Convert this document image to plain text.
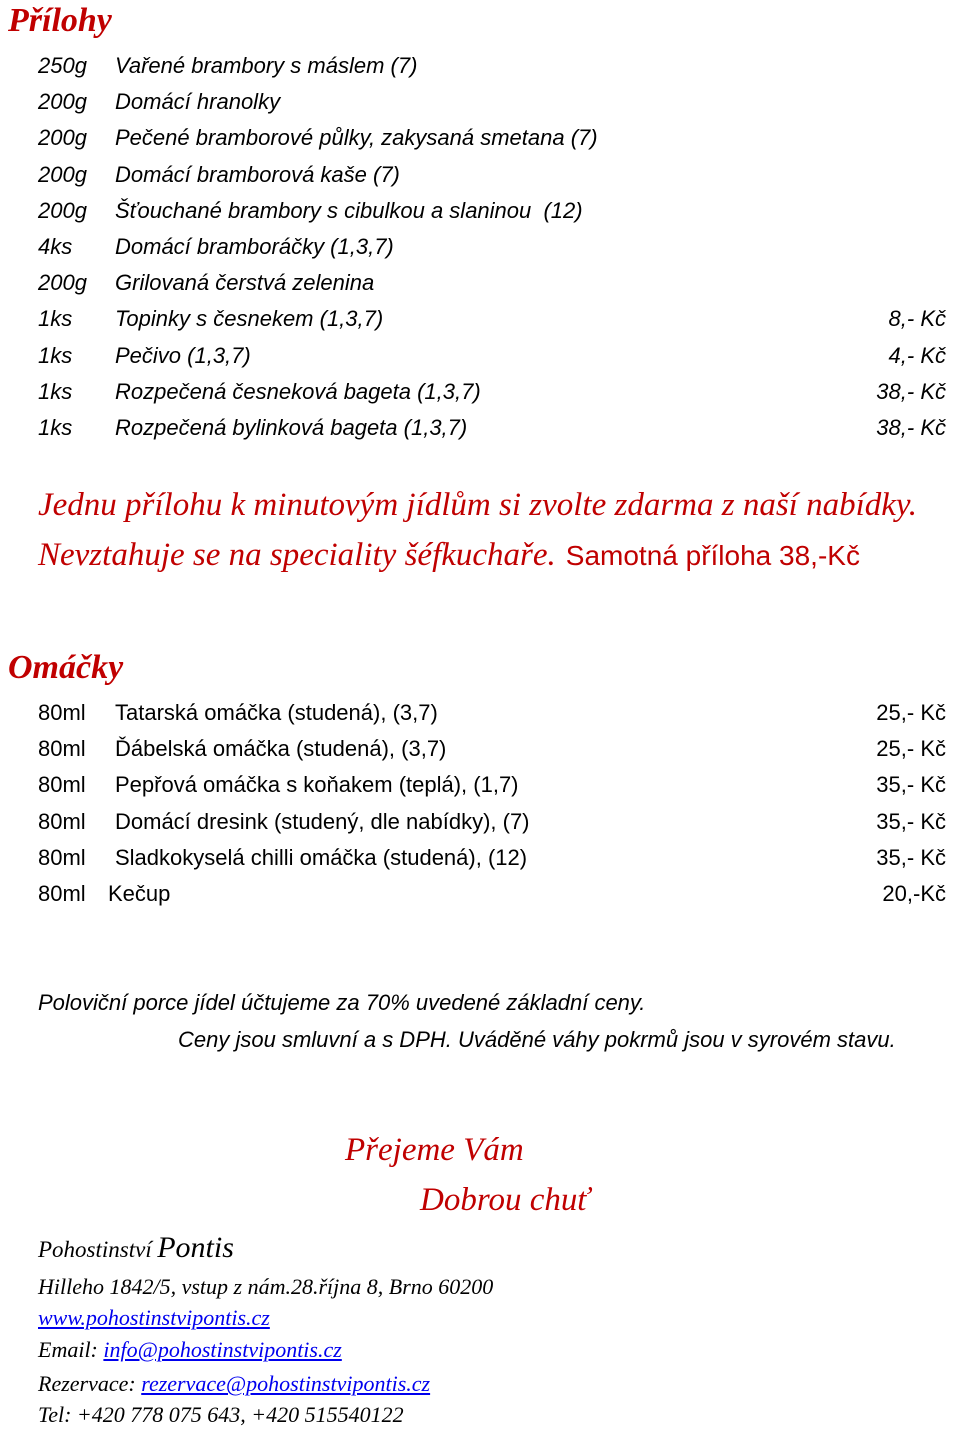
Přílohy
250g Vařené brambory s máslem (7)
200g Domácí hranolky
200g Pečené bramborové půlky, zakysaná smetana (7)
200g Domácí bramborová kaše (7)
200g Šťouchané brambory s cibulkou a slaninou  (12)
4ks Domácí bramboráčky (1,3,7)
200g Grilovaná čerstvá zelenina
1ks Topinky s česnekem (1,3,7)	8,- Kč
1ks Pečivo (1,3,7)	4,- Kč
1ks Rozpečená česneková bageta (1,3,7)	38,- Kč
1ks Rozpečená bylinková bageta (1,3,7)	38,- Kč
Jednu přílohu k minutovým jídlům si zvolte zdarma z naší nabídky.
Nevztahuje se na speciality šéfkuchaře. Samotná příloha 38,-Kč
Omáčky
80ml Tatarská omáčka (studená), (3,7)	25,- Kč
80ml Ďábelská omáčka (studená), (3,7)	25,- Kč
80ml Pepřová omáčka s koňakem (teplá), (1,7)	35,- Kč
80ml Domácí dresink (studený, dle nabídky), (7)	35,- Kč
80ml Sladkokyselá chilli omáčka (studená), (12)	35,- Kč
80ml Kečup	20,-Kč
Poloviční porce jídel účtujeme za 70% uvedené základní ceny.
Ceny jsou smluvní a s DPH. Uváděné váhy pokrmů jsou v syrovém stavu.
Přejeme Vám
Dobrou chuť
Pohostinství Pontis
Hilleho 1842/5, vstup z nám.28.října 8, Brno 60200
www.pohostinstvipontis.cz
Email: info@pohostinstvipontis.cz
Rezervace: rezervace@pohostinstvipontis.cz
Tel: +420 778 075 643, +420 515540122
